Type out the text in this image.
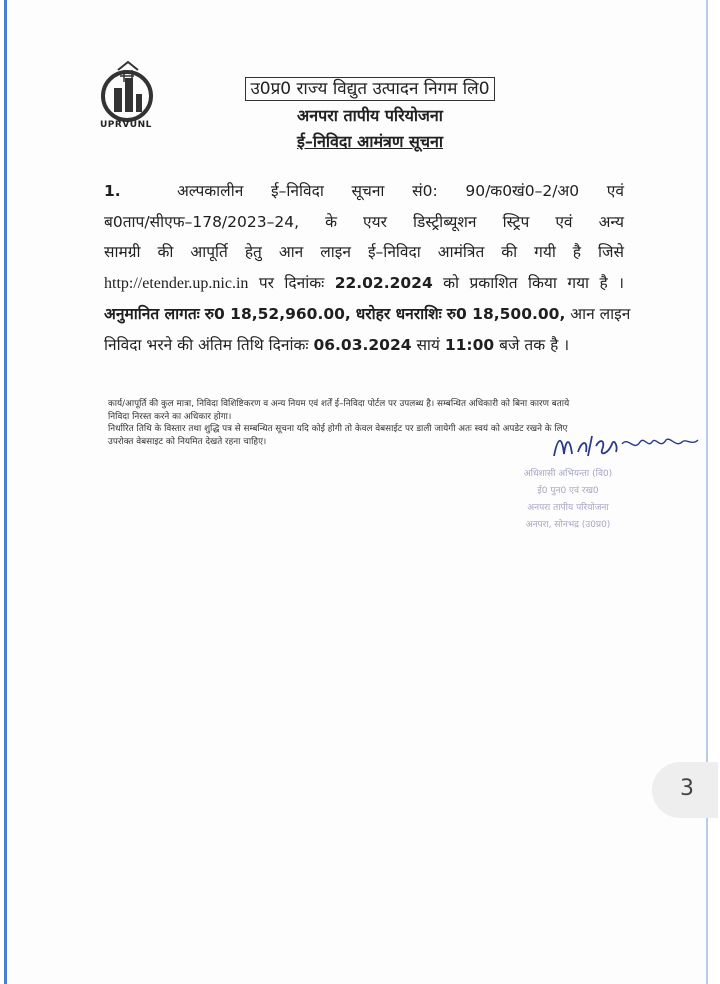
UPRVUNL
उ0प्र0 राज्य विद्युत उत्पादन निगम लि0
अनपरा तापीय परियोजना
ई–निविदा आमंत्रण सूचना
1.	अल्पकालीन ई–निविदा सूचना सं0: 90/क0खं0–2/अ0 एवं
ब0ताप/सीएफ–178/2023–24, के एयर डिस्ट्रीब्यूशन स्ट्रिप एवं अन्य
सामग्री की आपूर्ति हेतु आन लाइन ई–निविदा आमंत्रित की गयी है जिसे
http://etender.up.nic.in पर दिनांकः 22.02.2024 को प्रकाशित किया गया है ।
अनुमानित लागतः रु0 18,52,960.00, धरोहर धनराशिः रु0 18,500.00, आन लाइन
निविदा भरने की अंतिम तिथि दिनांकः 06.03.2024 सायं 11:00 बजे तक है ।
कार्य/आपूर्ति की कुल मात्रा, निविदा विशिष्टिकरण व अन्य नियम एवं शर्तें ई–निविदा पोर्टल पर उपलब्ध है। सम्बन्धित अधिकारी को बिना कारण बताये
निविदा निरस्त करने का अधिकार होगा।
निर्धारित तिथि के विस्तार तथा शुद्धि पत्र से सम्बन्धित सूचना यदि कोई होगी तो केवल वेबसाईट पर डाली जायेगी अतः स्वयं को अपडेट रखने के लिए
उपरोक्त वेबसाइट को नियमित देखते रहना चाहिए।
अधिशासी अभियन्ता (वि0)
ई0 पुन0 एवं रख0
अनपरा तापीय परियोजना
अनपरा, सोनभद्र (उ0प्र0)
3
